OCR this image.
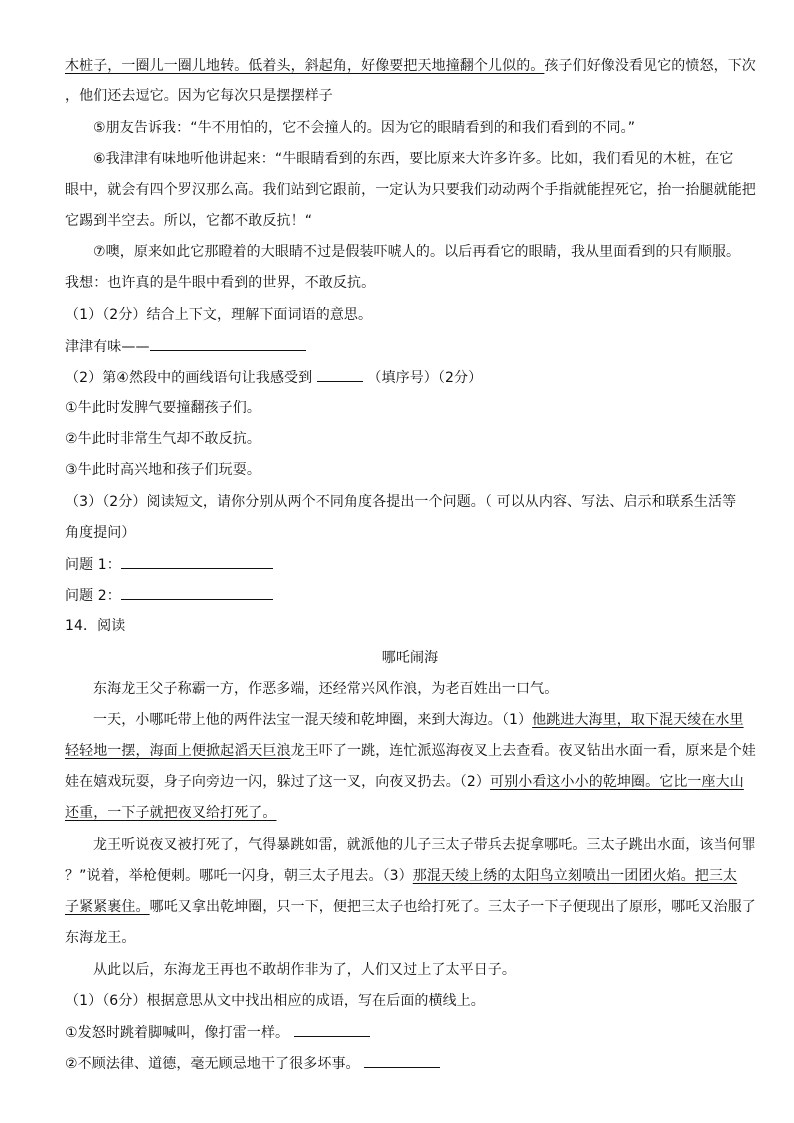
木桩子，一圈儿一圈儿地转。低着头，斜起角，好像要把天地撞翻个儿似的。孩子们好像没看见它的愤怒，下次
，他们还去逗它。因为它每次只是摆摆样子
⑤朋友告诉我：“牛不用怕的，它不会撞人的。因为它的眼睛看到的和我们看到的不同。”
⑥我津津有味地听他讲起来：“牛眼睛看到的东西，要比原来大许多许多。比如，我们看见的木桩，在它
眼中，就会有四个罗汉那么高。我们站到它跟前，一定认为只要我们动动两个手指就能捏死它，抬一抬腿就能把
它踢到半空去。所以，它都不敢反抗！“
⑦噢，原来如此它那瞪着的大眼睛不过是假装吓唬人的。以后再看它的眼睛，我从里面看到的只有顺服。
我想：也许真的是牛眼中看到的世界，不敢反抗。
（1）（2分）结合上下文，理解下面词语的意思。
津津有味——
（2）第④然段中的画线语句让我感受到	（填序号）（2分）
①牛此时发脾气要撞翻孩子们。
②牛此时非常生气却不敢反抗。
③牛此时高兴地和孩子们玩耍。
（3）（2分）阅读短文，请你分别从两个不同角度各提出一个问题。（ 可以从内容、写法、启示和联系生活等
角度提问）
问题 1：
问题 2：
14．阅读
哪吒闹海
东海龙王父子称霸一方，作恶多端，还经常兴风作浪，为老百姓出一口气。
一天，小哪吒带上他的两件法宝一混天绫和乾坤圈，来到大海边。（1）他跳进大海里，取下混天绫在水里
轻轻地一摆，海面上便掀起滔天巨浪龙王吓了一跳，连忙派巡海夜叉上去查看。夜叉钻出水面一看，原来是个娃
娃在嬉戏玩耍，身子向旁边一闪，躲过了这一叉，向夜叉扔去。（2）可别小看这小小的乾坤圈。它比一座大山
还重，一下子就把夜叉给打死了。
龙王听说夜叉被打死了，气得暴跳如雷，就派他的儿子三太子带兵去捉拿哪吒。三太子跳出水面，该当何罪
？”说着，举枪便刺。哪吒一闪身，朝三太子甩去。（3）那混天绫上绣的太阳鸟立刻喷出一团团火焰。把三太
子紧紧裹住。哪吒又拿出乾坤圈，只一下，便把三太子也给打死了。三太子一下子便现出了原形，哪吒又治服了
东海龙王。
从此以后，东海龙王再也不敢胡作非为了，人们又过上了太平日子。
（1）（6分）根据意思从文中找出相应的成语，写在后面的横线上。
①发怒时跳着脚喊叫，像打雷一样。
②不顾法律、道德，毫无顾忌地干了很多坏事。
